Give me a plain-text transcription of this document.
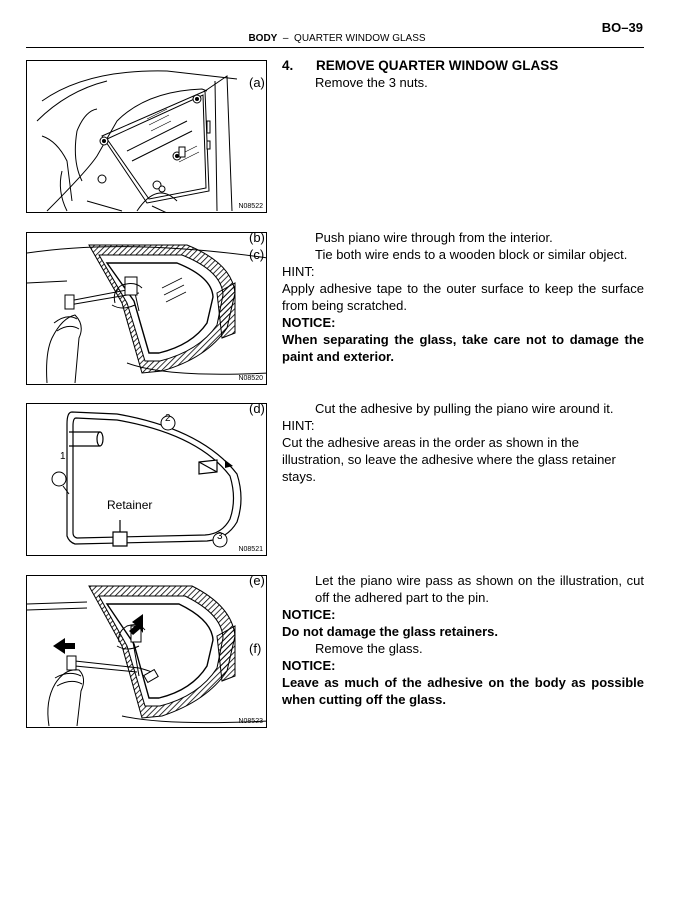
BO–39
BODY – QUARTER WINDOW GLASS
N08522
N08520
1
2
3
Retainer
N08521
N08523

4. REMOVE QUARTER WINDOW GLASS

(a)	Remove the 3 nuts.

(b)	Push piano wire through from the interior.

(c)	Tie both wire ends to a wooden block or similar object.

HINT:

Apply adhesive tape to the outer surface to keep the surface from being scratched.

NOTICE:

When separating the glass, take care not to damage the paint and exterior.

(d)	Cut the adhesive by pulling the piano wire around it.

HINT:

Cut the adhesive areas in the order as shown in the illustration, so leave the adhesive where the glass retainer stays.

(e)	Let the piano wire pass as shown on the illustration, cut off the adhered part to the pin.

NOTICE:

Do not damage the glass retainers.

(f)	Remove the glass.

NOTICE:

Leave as much of the adhesive on the body as possible when cutting off the glass.
